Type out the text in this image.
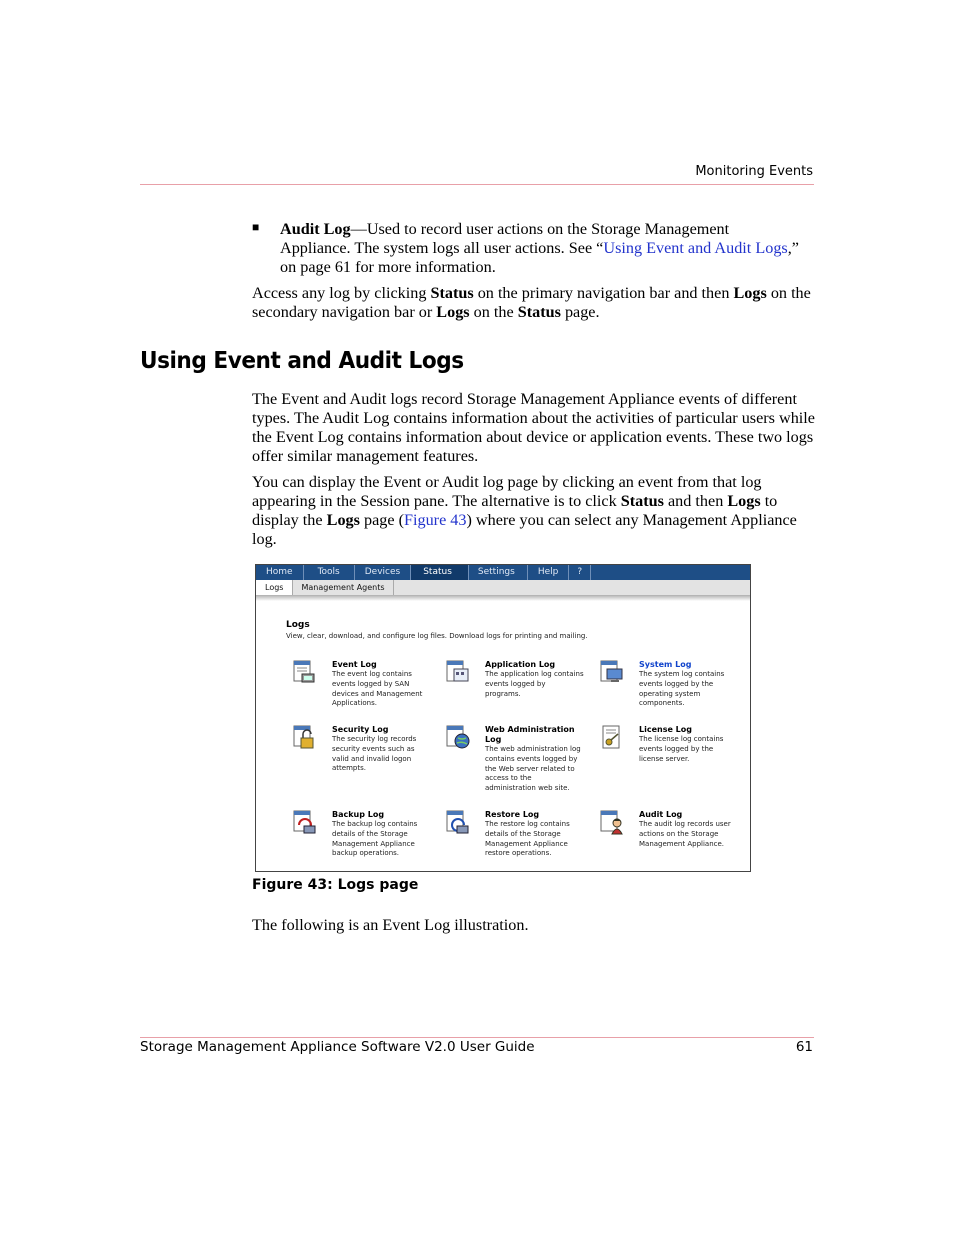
Monitoring Events
■ Audit Log—Used to record user actions on the Storage Management Appliance. The system logs all user actions. See “Using Event and Audit Logs,” on page 61 for more information.

Access any log by clicking Status on the primary navigation bar and then Logs on the secondary navigation bar or Logs on the Status page.

Using Event and Audit Logs

The Event and Audit logs record Storage Management Appliance events of different types. The Audit Log contains information about the activities of particular users while the Event Log contains information about device or application events. These two logs offer similar management features.

You can display the Event or Audit log page by clicking an event from that log appearing in the Session pane. The alternative is to click Status and then Logs to display the Logs page (Figure 43) where you can select any Management Appliance log.

Home	Tools	Devices	Status	Settings	Help	?
Logs	Management Agents
Logs
View, clear, download, and configure log files. Download logs for printing and mailing.
Event Log
The event log contains
events logged by SAN
devices and Management
Applications.
Application Log
The application log contains
events logged by
programs.
System Log
The system log contains
events logged by the
operating system
components.
Security Log
The security log records
security events such as
valid and invalid logon
attempts.
Web Administration Log
The web administration log
contains events logged by
the Web server related to
access to the
administration web site.
License Log
The license log contains
events logged by the
license server.
Backup Log
The backup log contains
details of the Storage
Management Appliance
backup operations.
Restore Log
The restore log contains
details of the Storage
Management Appliance
restore operations.
Audit Log
The audit log records user
actions on the Storage
Management Appliance.
Figure 43: Logs page

The following is an Event Log illustration.

Storage Management Appliance Software V2.0 User Guide	61
